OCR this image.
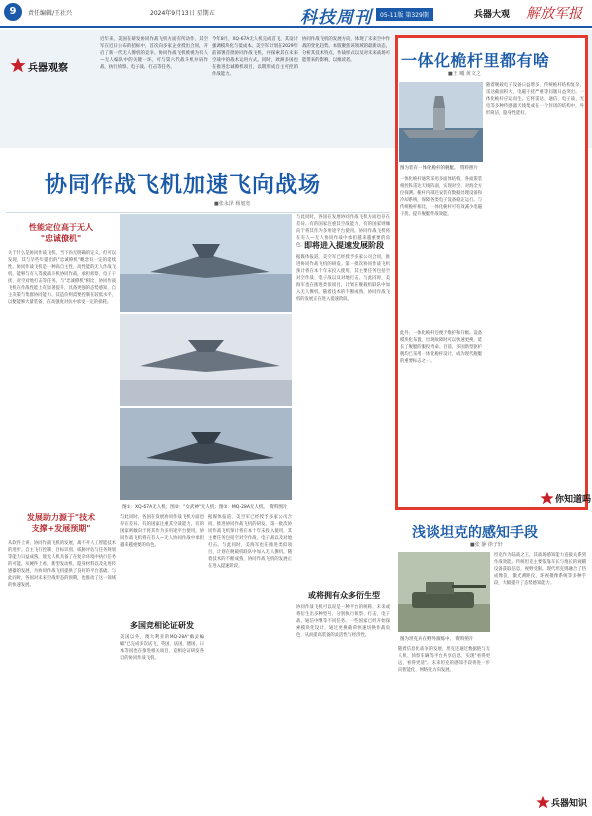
9	责任编辑/王社兴	2024年9月13日 星期五	科技周刊	05-11版 第329期	兵器大观 解放军报
兵器观察
近年来，美国在研发协同作战飞机方面有所动作，其空军在近日公布的招标中，首次向多家企业授出合同，开启了新一代无人僚机的竞争。协同作战飞机被视为有人—无人编队中的关键一环，可与第六代战斗机并肩作战，执行侦察、电子战、打击等任务。
今年8月，XQ-67A无人机完成首飞，其设计强调模块化与低成本。美空军计划在2029年前部署首批协同作战飞机，并探索其在未来空战中的战术运用方式。同时，欧洲多国也在推进忠诚僚机项目，以期形成自主可控的作战能力。
协同作战飞机的发展方向，体现了未来空中作战的变化趋势。本版聚焦该领域的最新动态，分析其技术特点、作战样式以及对未来战场可能带来的影响，以飨读者。
协同作战飞机加速飞向战场
■张永泽 杨旭宽
性能定位高于无人
"忠诚僚机"
关于什么是协同作战飞机，当下尚无明确的定义。但可以发现，其与早些年提出的"忠诚僚机"概念有一定的延续性。协同作战飞机是一种高自主性、高性能的无人作战飞机，能够与有人驾驶战斗机协同作战，承担侦察、电子干扰、对空对地打击等任务。与"忠诚僚机"相比，协同作战飞机在作战性能上有显著提升，具备更强的态势感知、自主决策与集群协同能力。其造价则需要控制在较低水平，以便能够大量装备，在高强度对抗中承受一定的损耗。
发展助力源于"技术
支撑+发展预期"
从软件上讲，协同作战飞机的发展，离不开人工智能技术的进步。自主飞行控制、目标识别、威胁评估与任务规划等能力日益成熟，使无人机具备了在复杂环境中执行任务的可能。从硬件上看，新型发动机、隐身材料以及先进传感器的发展，为协同作战飞机提供了良好的平台基础。与此同时，各国对未来空战形态的预期，也推动了这一领域的快速发展。
图①：XQ-67A无人机；图②："女武神"无人机；图③：MQ-28A无人机。 资料图片
与此同时，各国在发展协同作战飞机方面也存在差异。有的国家注重其空战能力，有的国家则倾向于将其作为多用途平台使用。协同作战飞机将在有人—无人协同作战中承担越来越重要的角色。
多国竞相论证研发
美国以外，澳大利亚的MQ-28A"幽灵蝙蝠"已完成多次试飞，英国、法国、德国、日本等国也在推进相关项目，竞相论证研发各自的协同作战飞机。
据媒体报道，美空军已经授予多家公司合同，推进协同作战飞机的研发。第一批次协同作战飞机预计将在本十年末投入使用，其主要任务包括空对空作战、电子战以及对地打击。与此同时，美海军也在推进类似项目，计划在舰载机联队中加入无人僚机。随着技术的不断成熟，协同作战飞机的发展正在进入提速阶段。
与此同时，各国在发展协同作战飞机方面也存在差异。有的国家注重其空战能力，有的国家则倾向于将其作为多用途平台使用。协同作战飞机将在有人—无人协同作战中承担越来越重要的角色。 即将进入提速发展阶段
据媒体报道，美空军已经授予多家公司合同，推进协同作战飞机的研发。第一批次协同作战飞机预计将在本十年末投入使用，其主要任务包括空对空作战、电子战以及对地打击。与此同时，美海军也在推进类似项目，计划在舰载机联队中加入无人僚机。随着技术的不断成熟，协同作战飞机的发展正在进入提速阶段。
或将拥有众多衍生型
协同作战飞机可以说是一种平台的统称，未来或将衍生出多种型号，分别执行侦察、打击、电子战、通信中继等不同任务。一些国家已经开始探索模块化设计，通过更换载荷快速切换作战角色，从而提高装备的灵活性与经济性。
一体化桅杆里都有啥
■王 曦 黄文之
图为装有一体化桅杆的舰艇。 资料照片
随着舰载电子设备日益增多，传统桅杆结构复杂、雷达截面积大、电磁干扰严重等问题日益突出。一体化桅杆应运而生。它将雷达、通信、电子战、光电等多种传感器天线集成在一个封闭的结构中，外形简洁，隐身性能好。
一体化桅杆通常采用多面体结构，各面嵌装相控阵雷达天线阵面，实现对空、对海全方位探测。桅杆内部还安装有数据处理设备和冷却系统，保障各类电子设备稳定运行。与传统桅杆相比，一体化桅杆可有效减少电磁干扰，提升舰艇作战效能。
此外，一体化桅杆还便于维护和升级。设备模块化布置，出现故障时可以快速更换，延长了舰艇的服役寿命。目前，多国新型驱护舰均已采用一体化桅杆设计，成为现代舰艇的重要标志之一。
你知道吗
浅谈坦克的感知手段
■张 静 徐子轩
图为坦克兵在野外演练中。 资料照片
坦克作为陆战之王，其战场感知能力直接关系到作战效能。传统坦克主要依靠车长与炮长的观瞄设备获取信息，视野受限。现代坦克则融合了热成像仪、激光测距仪、环视摄像系统等多种手段，大幅提升了态势感知能力。
随着信息化战争的发展，坦克还通过数据链与无人机、侦察车辆等平台共享信息，实现"看得更远、看得更清"。未来坦克的感知手段将进一步向智能化、网络化方向发展。
兵器知识
